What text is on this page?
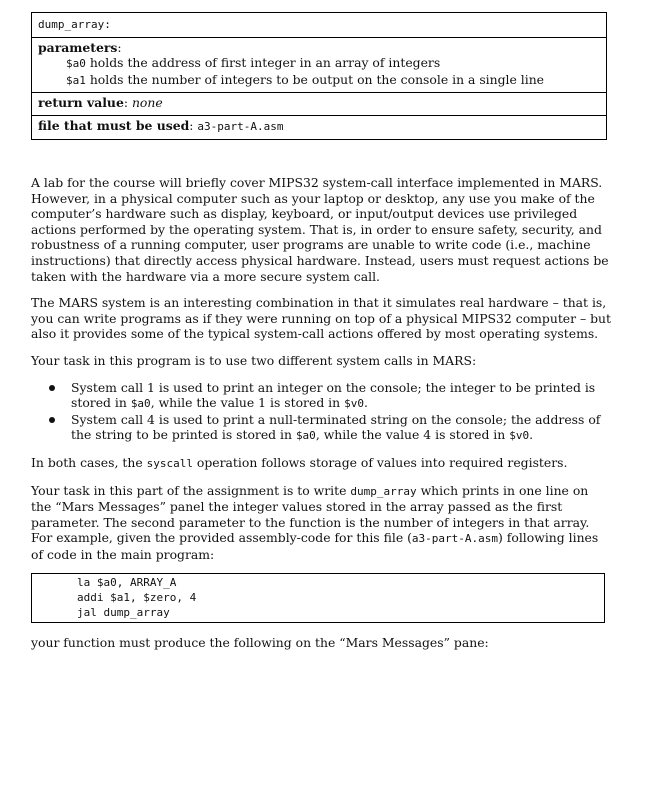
dump_array:
parameters:
$a0 holds the address of first integer in an array of integers
$a1 holds the number of integers to be output on the console in a single line
return value: none
file that must be used: a3-part-A.asm

A lab for the course will briefly cover MIPS32 system-call interface implemented in MARS. However, in a physical computer such as your laptop or desktop, any use you make of the computer’s hardware such as display, keyboard, or input/output devices use privileged actions performed by the operating system. That is, in order to ensure safety, security, and robustness of a running computer, user programs are unable to write code (i.e., machine instructions) that directly access physical hardware. Instead, users must request actions be taken with the hardware via a more secure system call.

The MARS system is an interesting combination in that it simulates real hardware – that is, you can write programs as if they were running on top of a physical MIPS32 computer – but also it provides some of the typical system-call actions offered by most operating systems.

Your task in this program is to use two different system calls in MARS:

System call 1 is used to print an integer on the console; the integer to be printed is stored in $a0, while the value 1 is stored in $v0.
System call 4 is used to print a null-terminated string on the console; the address of the string to be printed is stored in $a0, while the value 4 is stored in $v0.

In both cases, the syscall operation follows storage of values into required registers.

Your task in this part of the assignment is to write dump_array which prints in one line on the “Mars Messages” panel the integer values stored in the array passed as the first parameter. The second parameter to the function is the number of integers in that array. For example, given the provided assembly-code for this file (a3-part-A.asm) following lines of code in the main program:

la $a0, ARRAY_A
addi $a1, $zero, 4
jal dump_array

your function must produce the following on the “Mars Messages” pane:
